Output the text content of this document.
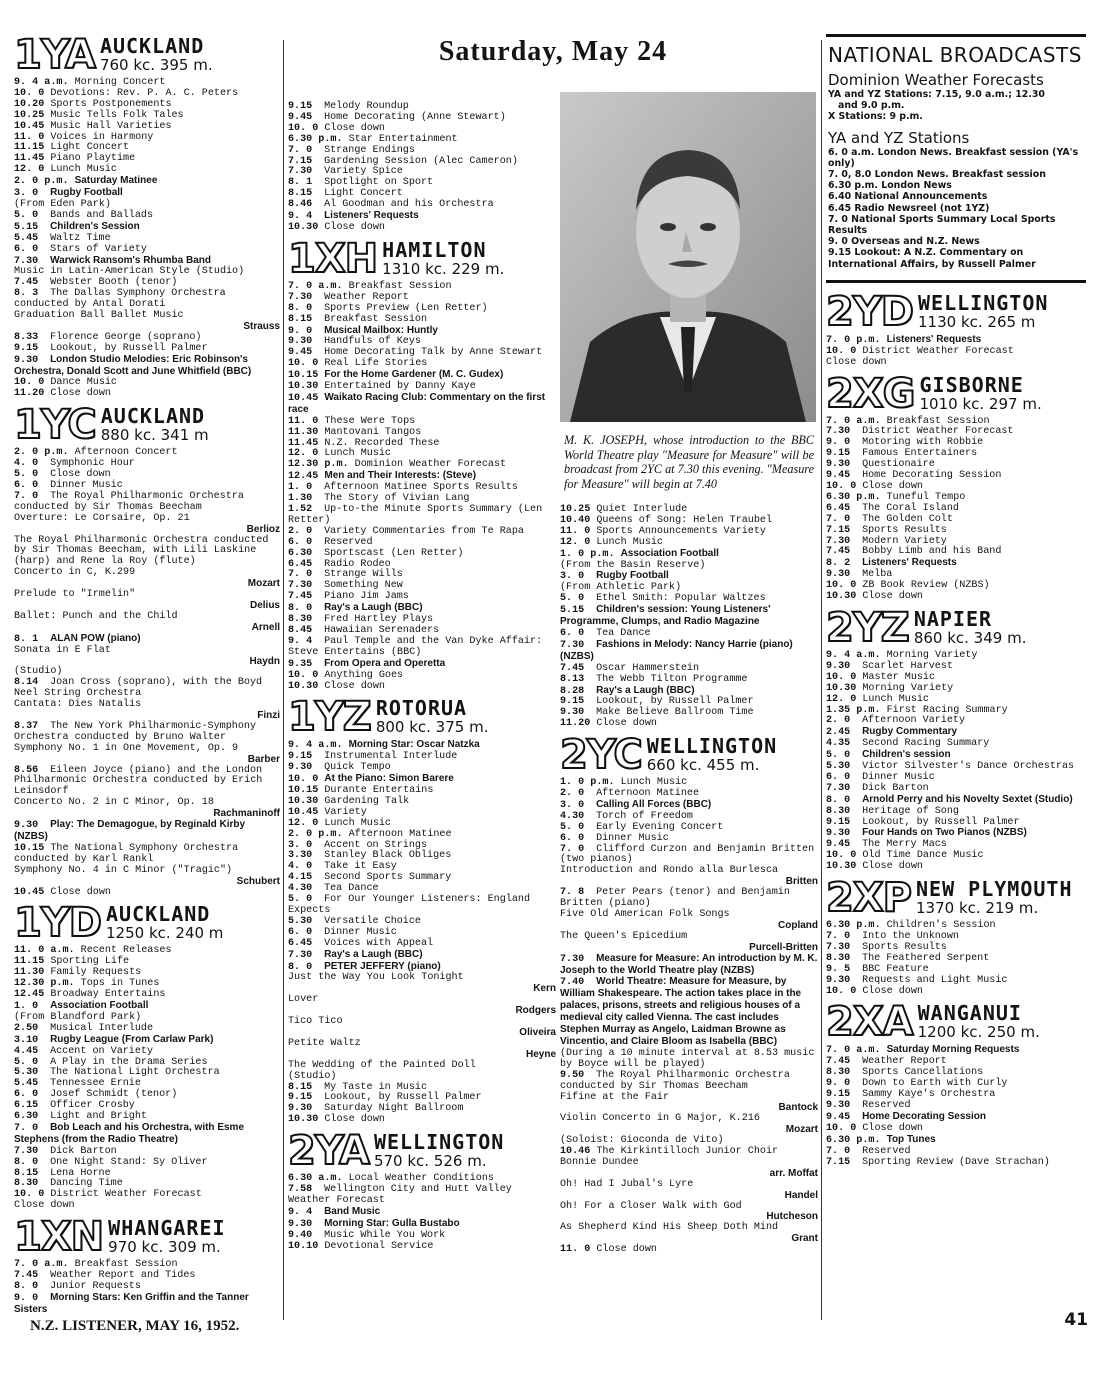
1YA AUCKLAND
760 kc. 395 m.
9. 4 a.m. Morning Concert
10. 0 Devotions: Rev. P. A. C. Peters
10.20 Sports Postponements
10.25 Music Tells Folk Tales
10.45 Music Hall Varieties
11. 0 Voices in Harmony
11.15 Light Concert
11.45 Piano Playtime
12. 0 Lunch Music
2. 0 p.m. Saturday Matinee
3. 0 Rugby Football
(From Eden Park)
5. 0 Bands and Ballads
5.15 Children's Session
5.45 Waltz Time
6. 0 Stars of Variety
7.30 Warwick Ransom's Rhumba Band
Music in Latin-American Style (Studio)
7.45 Webster Booth (tenor)
8. 3 The Dallas Symphony Orchestra conducted by Antal Dorati
Graduation Ball Ballet Music
Strauss
8.33 Florence George (soprano)
9.15 Lookout, by Russell Palmer
9.30 London Studio Melodies: Eric Robinson's Orchestra, Donald Scott and June Whitfield (BBC)
10. 0 Dance Music
11.20 Close down
1YC AUCKLAND
880 kc. 341 m
2. 0 p.m. Afternoon Concert
4. 0 Symphonic Hour
5. 0 Close down
6. 0 Dinner Music
7. 0 The Royal Philharmonic Orchestra conducted by Sir Thomas Beecham
Overture: Le Corsaire, Op. 21
Berlioz
The Royal Philharmonic Orchestra conducted by Sir Thomas Beecham, with Lili Laskine (harp) and Rene la Roy (flute)
Concerto in C, K.299
Mozart
Prelude to "Irmelin"
Delius
Ballet: Punch and the Child
Arnell
8. 1 ALAN POW (piano)
Sonata in E Flat
Haydn
(Studio)
8.14 Joan Cross (soprano), with the Boyd Neel String Orchestra
Cantata: Dies Natalis
Finzi
8.37 The New York Philharmonic-Symphony Orchestra conducted by Bruno Walter
Symphony No. 1 in One Movement, Op. 9
Barber
8.56 Eileen Joyce (piano) and the London Philharmonic Orchestra conducted by Erich Leinsdorf
Concerto No. 2 in C Minor, Op. 18
Rachmaninoff
9.30 Play: The Demagogue, by Reginald Kirby (NZBS)
10.15 The National Symphony Orchestra conducted by Karl Rankl
Symphony No. 4 in C Minor ("Tragic")
Schubert
10.45 Close down
1YD AUCKLAND
1250 kc. 240 m
11. 0 a.m. Recent Releases
11.15 Sporting Life
11.30 Family Requests
12.30 p.m. Tops in Tunes
12.45 Broadway Entertains
1. 0 Association Football
(From Blandford Park)
2.50 Musical Interlude
3.10 Rugby League (From Carlaw Park)
4.45 Accent on Variety
5. 0 A Play in the Drama Series
5.30 The National Light Orchestra
5.45 Tennessee Ernie
6. 0 Josef Schmidt (tenor)
6.15 Officer Crosby
6.30 Light and Bright
7. 0 Bob Leach and his Orchestra, with Esme Stephens (from the Radio Theatre)
7.30 Dick Barton
8. 0 One Night Stand: Sy Oliver
8.15 Lena Horne
8.30 Dancing Time
10. 0 District Weather Forecast
Close down
1XN WHANGAREI
970 kc. 309 m.
7. 0 a.m. Breakfast Session
7.45 Weather Report and Tides
8. 0 Junior Requests
9. 0 Morning Stars: Ken Griffin and the Tanner Sisters
9.15 Melody Roundup
9.45 Home Decorating (Anne Stewart)
10. 0 Close down
6.30 p.m. Star Entertainment
7. 0 Strange Endings
7.15 Gardening Session (Alec Cameron)
7.30 Variety Spice
8. 1 Spotlight on Sport
8.15 Light Concert
8.46 Al Goodman and his Orchestra
9. 4 Listeners' Requests
10.30 Close down
1XH HAMILTON
1310 kc. 229 m.
7. 0 a.m. Breakfast Session
7.30 Weather Report
8. 0 Sports Preview (Len Retter)
8.15 Breakfast Session
9. 0 Musical Mailbox: Huntly
9.30 Handfuls of Keys
9.45 Home Decorating Talk by Anne Stewart
10. 0 Real Life Stories
10.15 For the Home Gardener (M. C. Gudex)
10.30 Entertained by Danny Kaye
10.45 Waikato Racing Club: Commentary on the first race
11. 0 These Were Tops
11.30 Mantovani Tangos
11.45 N.Z. Recorded These
12. 0 Lunch Music
12.30 p.m. Dominion Weather Forecast
12.45 Men and Their Interests: (Steve)
1. 0 Afternoon Matinee Sports Results
1.30 The Story of Vivian Lang
1.52 Up-to-the Minute Sports Summary (Len Retter)
2. 0 Variety Commentaries from Te Rapa
6. 0 Reserved
6.30 Sportscast (Len Retter)
6.45 Radio Rodeo
7. 0 Strange Wills
7.30 Something New
7.45 Piano Jim Jams
8. 0 Ray's a Laugh (BBC)
8.30 Fred Hartley Plays
8.45 Hawaiian Serenaders
9. 4 Paul Temple and the Van Dyke Affair: Steve Entertains (BBC)
9.35 From Opera and Operetta
10. 0 Anything Goes
10.30 Close down
1YZ ROTORUA
800 kc. 375 m.
9. 4 a.m. Morning Star: Oscar Natzka
9.15 Instrumental Interlude
9.30 Quick Tempo
10. 0 At the Piano: Simon Barere
10.15 Durante Entertains
10.30 Gardening Talk
10.45 Variety
12. 0 Lunch Music
2. 0 p.m. Afternoon Matinee
3. 0 Accent on Strings
3.30 Stanley Black Obliges
4. 0 Take it Easy
4.15 Second Sports Summary
4.30 Tea Dance
5. 0 For Our Younger Listeners: England Expects
5.30 Versatile Choice
6. 0 Dinner Music
6.45 Voices with Appeal
7.30 Ray's a Laugh (BBC)
8. 0 PETER JEFFERY (piano)
Just the Way You Look Tonight
Kern
Lover
Rodgers
Tico Tico
Oliveira
Petite Waltz
Heyne
The Wedding of the Painted Doll
(Studio)
8.15 My Taste in Music
9.15 Lookout, by Russell Palmer
9.30 Saturday Night Ballroom
10.30 Close down
2YA WELLINGTON
570 kc. 526 m.
6.30 a.m. Local Weather Conditions
7.58 Wellington City and Hutt Valley Weather Forecast
9. 4 Band Music
9.30 Morning Star: Gulla Bustabo
9.40 Music While You Work
10.10 Devotional Service
Saturday, May 24
M. K. JOSEPH, whose introduction to the BBC World Theatre play "Measure for Measure" will be broadcast from 2YC at 7.30 this evening. "Measure for Measure" will begin at 7.40
10.25 Quiet Interlude
10.40 Queens of Song: Helen Traubel
11. 0 Sports Announcements Variety
12. 0 Lunch Music
1. 0 p.m. Association Football
(From the Basin Reserve)
3. 0 Rugby Football
(From Athletic Park)
5. 0 Ethel Smith: Popular Waltzes
5.15 Children's session: Young Listeners' Programme, Clumps, and Radio Magazine
6. 0 Tea Dance
7.30 Fashions in Melody: Nancy Harrie (piano) (NZBS)
7.45 Oscar Hammerstein
8.13 The Webb Tilton Programme
8.28 Ray's a Laugh (BBC)
9.15 Lookout, by Russell Palmer
9.30 Make Believe Ballroom Time
11.20 Close down
2YC WELLINGTON
660 kc. 455 m.
1. 0 p.m. Lunch Music
2. 0 Afternoon Matinee
3. 0 Calling All Forces (BBC)
4.30 Torch of Freedom
5. 0 Early Evening Concert
6. 0 Dinner Music
7. 0 Clifford Curzon and Benjamin Britten (two pianos)
Introduction and Rondo alla Burlesca
Britten
7. 8 Peter Pears (tenor) and Benjamin Britten (piano)
Five Old American Folk Songs
Copland
The Queen's Epicedium
Purcell-Britten
7.30 Measure for Measure: An introduction by M. K. Joseph to the World Theatre play (NZBS)
7.40 World Theatre: Measure for Measure, by William Shakespeare. The action takes place in the palaces, prisons, streets and religious houses of a medieval city called Vienna. The cast includes Stephen Murray as Angelo, Laidman Browne as Vincentio, and Claire Bloom as Isabella (BBC)
(During a 10 minute interval at 8.53 music by Boyce will be played)
9.50 The Royal Philharmonic Orchestra conducted by Sir Thomas Beecham
Fifine at the Fair
Bantock
Violin Concerto in G Major, K.216
Mozart
(Soloist: Gioconda de Vito)
10.46 The Kirkintilloch Junior Choir
Bonnie Dundee
arr. Moffat
Oh! Had I Jubal's Lyre
Handel
Oh! For a Closer Walk with God
Hutcheson
As Shepherd Kind His Sheep Doth Mind
Grant
11. 0 Close down
NATIONAL BROADCASTS
Dominion Weather Forecasts
YA and YZ Stations: 7.15, 9.0 a.m.; 12.30
and 9.0 p.m.
X Stations: 9 p.m.
YA and YZ Stations
6. 0 a.m. London News. Breakfast session (YA's only)
7. 0, 8.0 London News. Breakfast session
6.30 p.m. London News
6.40 National Announcements
6.45 Radio Newsreel (not 1YZ)
7. 0 National Sports Summary Local Sports Results
9. 0 Overseas and N.Z. News
9.15 Lookout: A N.Z. Commentary on International Affairs, by Russell Palmer
2YD WELLINGTON
1130 kc. 265 m
7. 0 p.m. Listeners' Requests
10. 0 District Weather Forecast
Close down
2XG GISBORNE
1010 kc. 297 m.
7. 0 a.m. Breakfast Session
7.30 District Weather Forecast
9. 0 Motoring with Robbie
9.15 Famous Entertainers
9.30 Questionaire
9.45 Home Decorating Session
10. 0 Close down
6.30 p.m. Tuneful Tempo
6.45 The Coral Island
7. 0 The Golden Colt
7.15 Sports Results
7.30 Modern Variety
7.45 Bobby Limb and his Band
8. 2 Listeners' Requests
9.30 Melba
10. 0 ZB Book Review (NZBS)
10.30 Close down
2YZ NAPIER
860 kc. 349 m.
9. 4 a.m. Morning Variety
9.30 Scarlet Harvest
10. 0 Master Music
10.30 Morning Variety
12. 0 Lunch Music
1.35 p.m. First Racing Summary
2. 0 Afternoon Variety
2.45 Rugby Commentary
4.35 Second Racing Summary
5. 0 Children's session
5.30 Victor Silvester's Dance Orchestras
6. 0 Dinner Music
7.30 Dick Barton
8. 0 Arnold Perry and his Novelty Sextet (Studio)
8.30 Heritage of Song
9.15 Lookout, by Russell Palmer
9.30 Four Hands on Two Pianos (NZBS)
9.45 The Merry Macs
10. 0 Old Time Dance Music
10.30 Close down
2XP NEW PLYMOUTH
1370 kc. 219 m.
6.30 p.m. Children's Session
7. 0 Into the Unknown
7.30 Sports Results
8.30 The Feathered Serpent
9. 5 BBC Feature
9.30 Requests and Light Music
10. 0 Close down
2XA WANGANUI
1200 kc. 250 m.
7. 0 a.m. Saturday Morning Requests
7.45 Weather Report
8.30 Sports Cancellations
9. 0 Down to Earth with Curly
9.15 Sammy Kaye's Orchestra
9.30 Reserved
9.45 Home Decorating Session
10. 0 Close down
6.30 p.m. Top Tunes
7. 0 Reserved
7.15 Sporting Review (Dave Strachan)
N.Z. LISTENER, MAY 16, 1952.	41
